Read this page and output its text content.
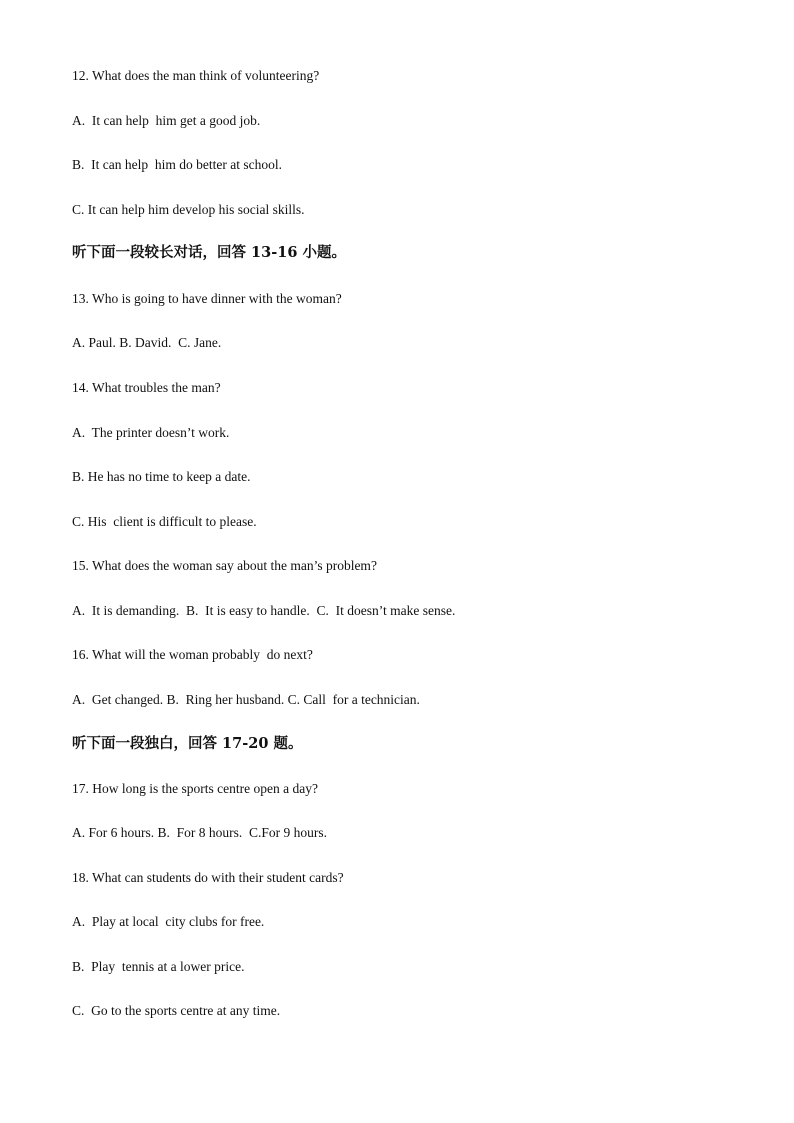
12. What does the man think of volunteering?
A.  It can help  him get a good job.
B.  It can help  him do better at school.
C. It can help him develop his social skills.
听下面一段较长对话，回答 13-16 小题。
13. Who is going to have dinner with the woman?
A. Paul. B. David.  C. Jane.
14. What troubles the man?
A.  The printer doesn’t work.
B. He has no time to keep a date.
C. His  client is difficult to please.
15. What does the woman say about the man’s problem?
A.  It is demanding.  B.  It is easy to handle.  C.  It doesn’t make sense.
16. What will the woman probably  do next?
A.  Get changed. B.  Ring her husband. C. Call  for a technician.
听下面一段独白，回答 17-20 题。
17. How long is the sports centre open a day?
A. For 6 hours. B.  For 8 hours.  C.For 9 hours.
18. What can students do with their student cards?
A.  Play at local  city clubs for free.
B.  Play  tennis at a lower price.
C.  Go to the sports centre at any time.
